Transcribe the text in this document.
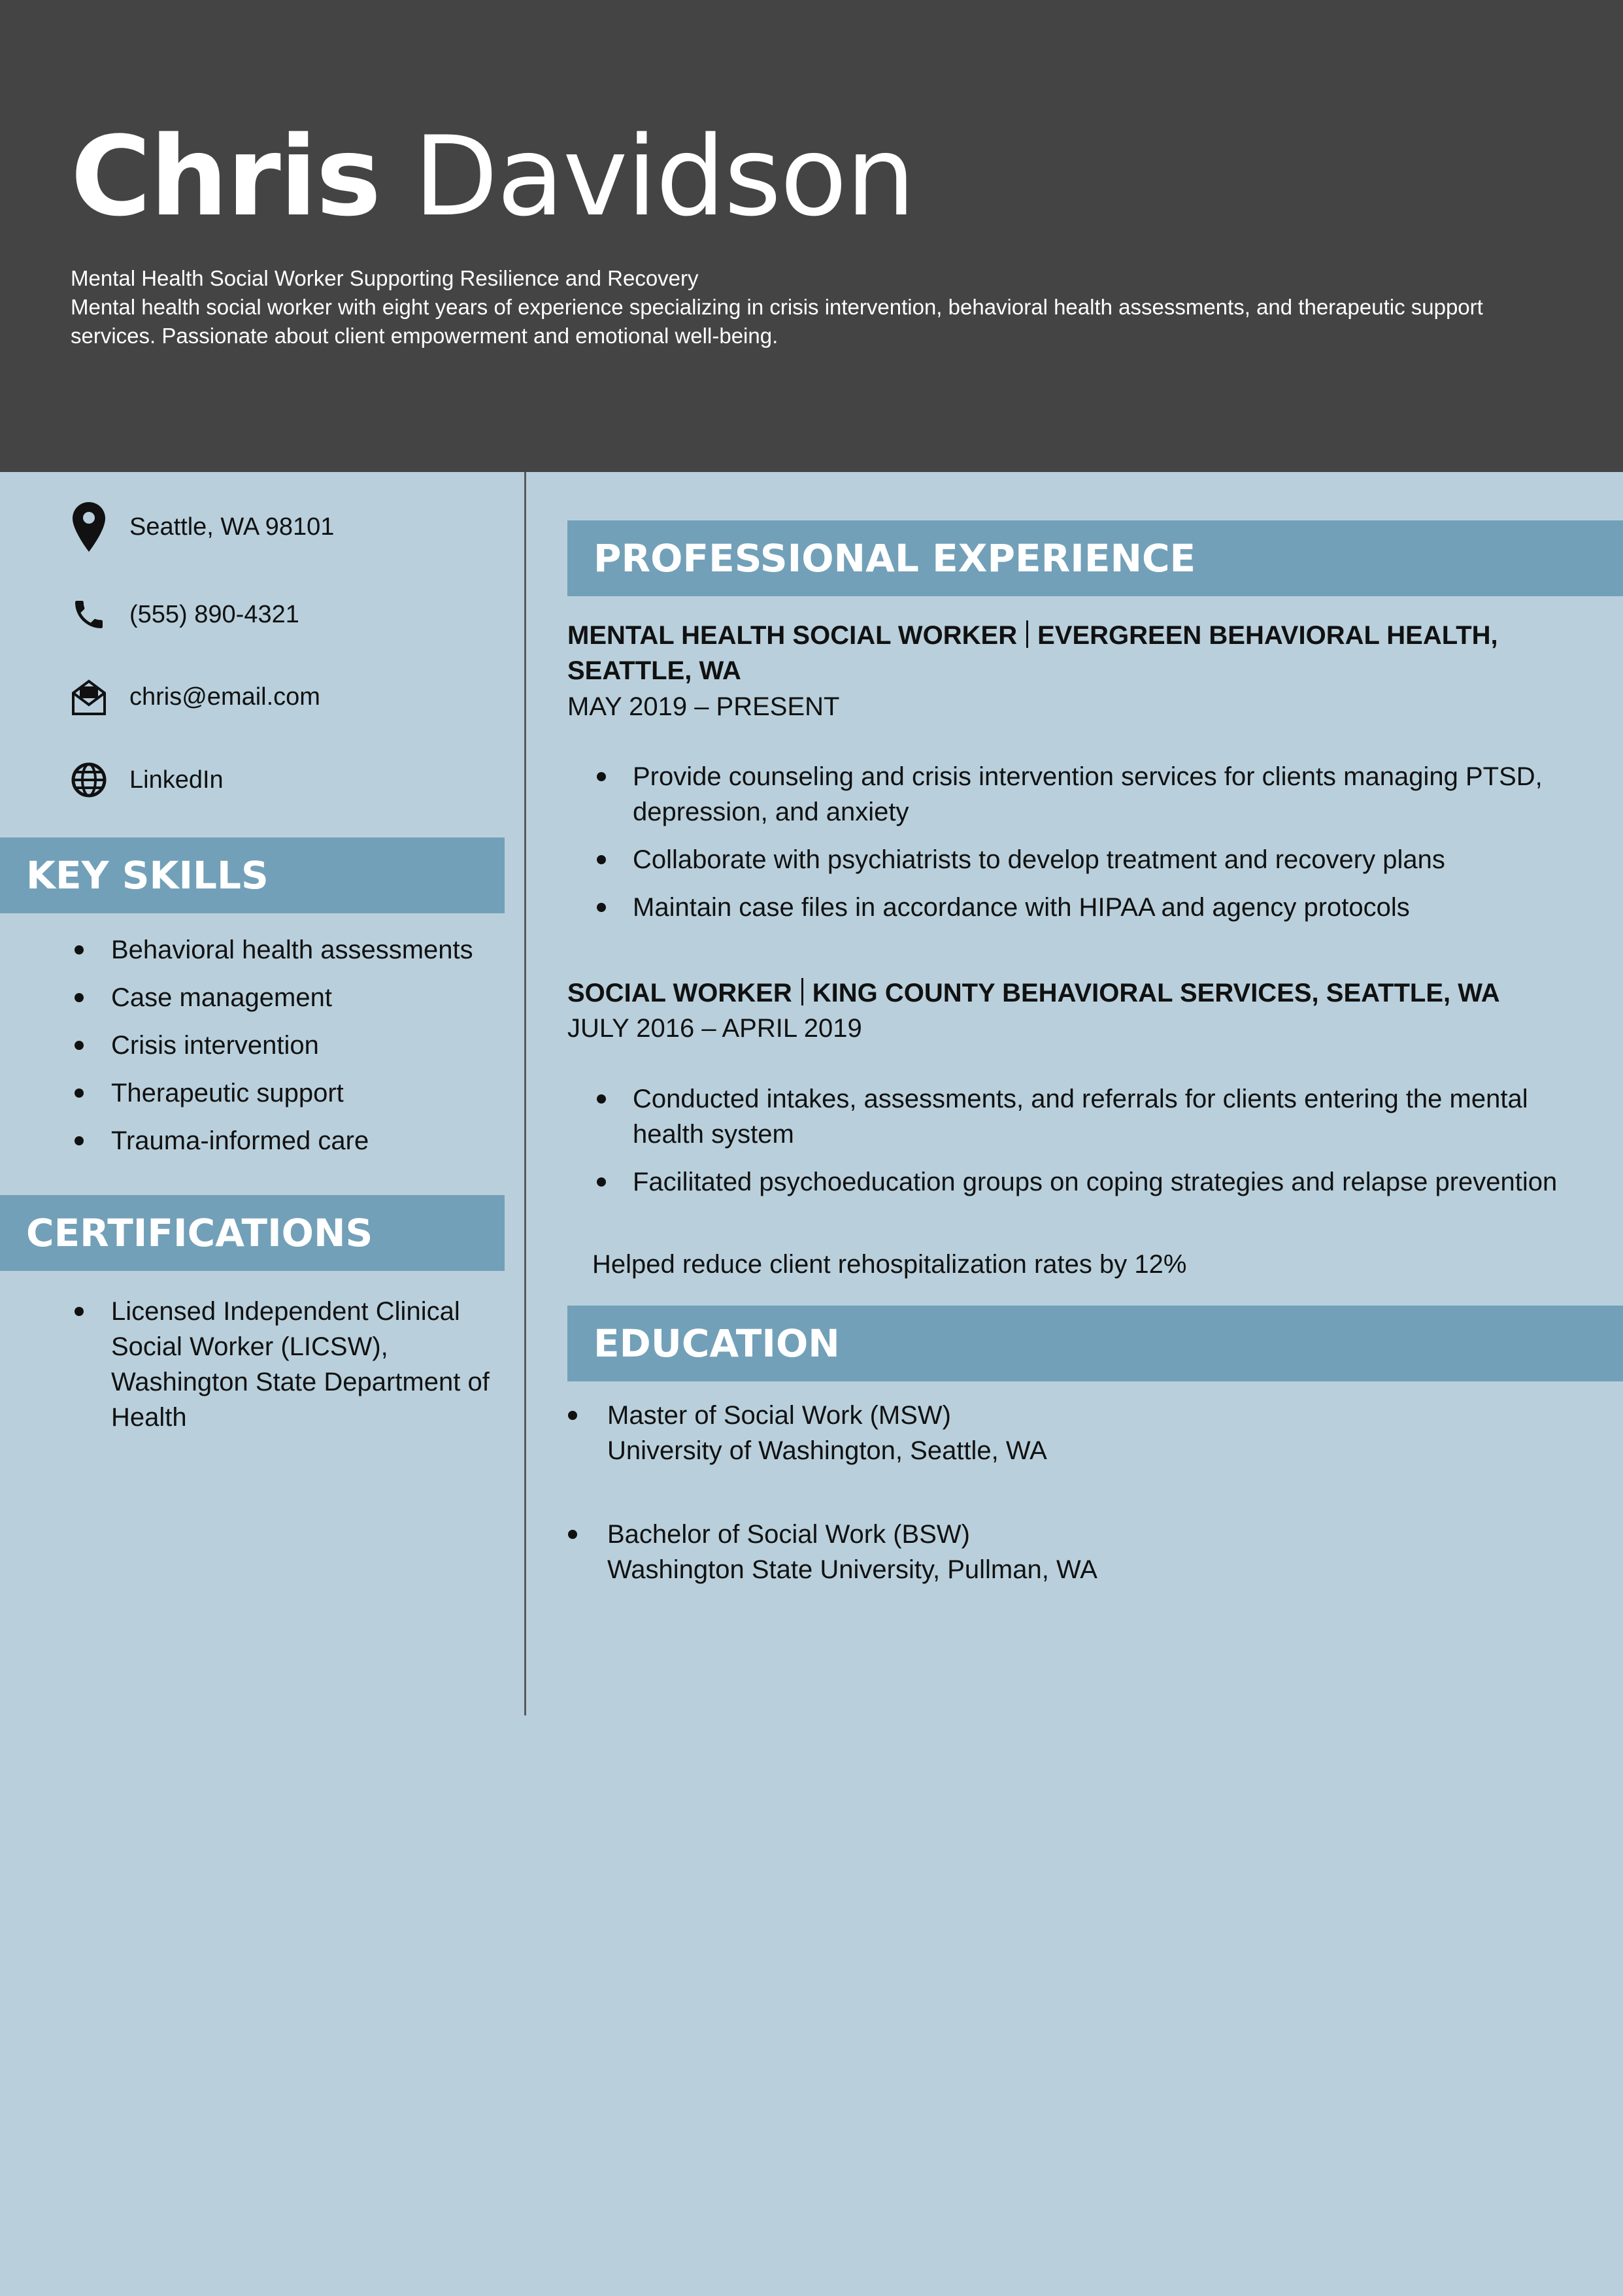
Chris Davidson
Mental Health Social Worker Supporting Resilience and Recovery
Mental health social worker with eight years of experience specializing in crisis intervention, behavioral health assessments, and therapeutic support services. Passionate about client empowerment and emotional well-being.
Seattle, WA 98101
(555) 890-4321
chris@email.com
LinkedIn
KEY SKILLS
Behavioral health assessments
Case management
Crisis intervention
Therapeutic support
Trauma-informed care
CERTIFICATIONS
Licensed Independent Clinical Social Worker (LICSW), Washington State Department of Health
PROFESSIONAL EXPERIENCE
MENTAL HEALTH SOCIAL WORKER EVERGREEN BEHAVIORAL HEALTH, SEATTLE, WA
MAY 2019 – PRESENT
Provide counseling and crisis intervention services for clients managing PTSD, depression, and anxiety
Collaborate with psychiatrists to develop treatment and recovery plans
Maintain case files in accordance with HIPAA and agency protocols
SOCIAL WORKER KING COUNTY BEHAVIORAL SERVICES, SEATTLE, WA
JULY 2016 – APRIL 2019
Conducted intakes, assessments, and referrals for clients entering the mental health system
Facilitated psychoeducation groups on coping strategies and relapse prevention
Helped reduce client rehospitalization rates by 12%
EDUCATION
Master of Social Work (MSW)
University of Washington, Seattle, WA
Bachelor of Social Work (BSW)
Washington State University, Pullman, WA
